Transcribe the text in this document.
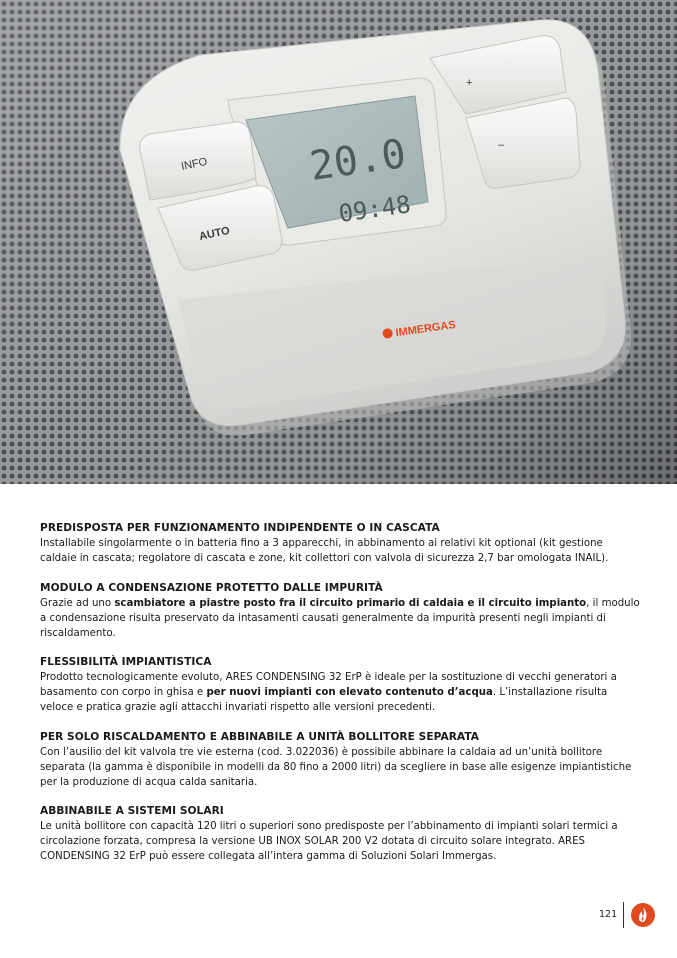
20.0
09:48
INFO
AUTO
+
–
IMMERGAS
PREDISPOSTA PER FUNZIONAMENTO INDIPENDENTE O IN CASCATA

Installabile singolarmente o in batteria fino a 3 apparecchi, in abbinamento ai relativi kit optional (kit gestione caldaie in cascata; regolatore di cascata e zone, kit collettori con valvola di sicurezza 2,7 bar omologata INAIL).

MODULO A CONDENSAZIONE PROTETTO DALLE IMPURITÀ

Grazie ad uno scambiatore a piastre posto fra il circuito primario di caldaia e il circuito impianto, il modulo a condensazione risulta preservato da intasamenti causati generalmente da impurità presenti negli impianti di riscaldamento.

FLESSIBILITÀ IMPIANTISTICA

Prodotto tecnologicamente evoluto, ARES CONDENSING 32 ErP è ideale per la sostituzione di vecchi generatori a basamento con corpo in ghisa e per nuovi impianti con elevato contenuto d’acqua. L’installazione risulta veloce e pratica grazie agli attacchi invariati rispetto alle versioni precedenti.

PER SOLO RISCALDAMENTO E ABBINABILE A UNITÀ BOLLITORE SEPARATA

Con l’ausilio del kit valvola tre vie esterna (cod. 3.022036) è possibile abbinare la caldaia ad un’unità bollitore separata (la gamma è disponibile in modelli da 80 fino a 2000 litri) da scegliere in base alle esigenze impiantistiche per la produzione di acqua calda sanitaria.

ABBINABILE A SISTEMI SOLARI

Le unità bollitore con capacità 120 litri o superiori sono predisposte per l’abbinamento di impianti solari termici a circolazione forzata, compresa la versione UB INOX SOLAR 200 V2 dotata di circuito solare integrato. ARES CONDENSING 32 ErP può essere collegata all’intera gamma di Soluzioni Solari Immergas.

121
